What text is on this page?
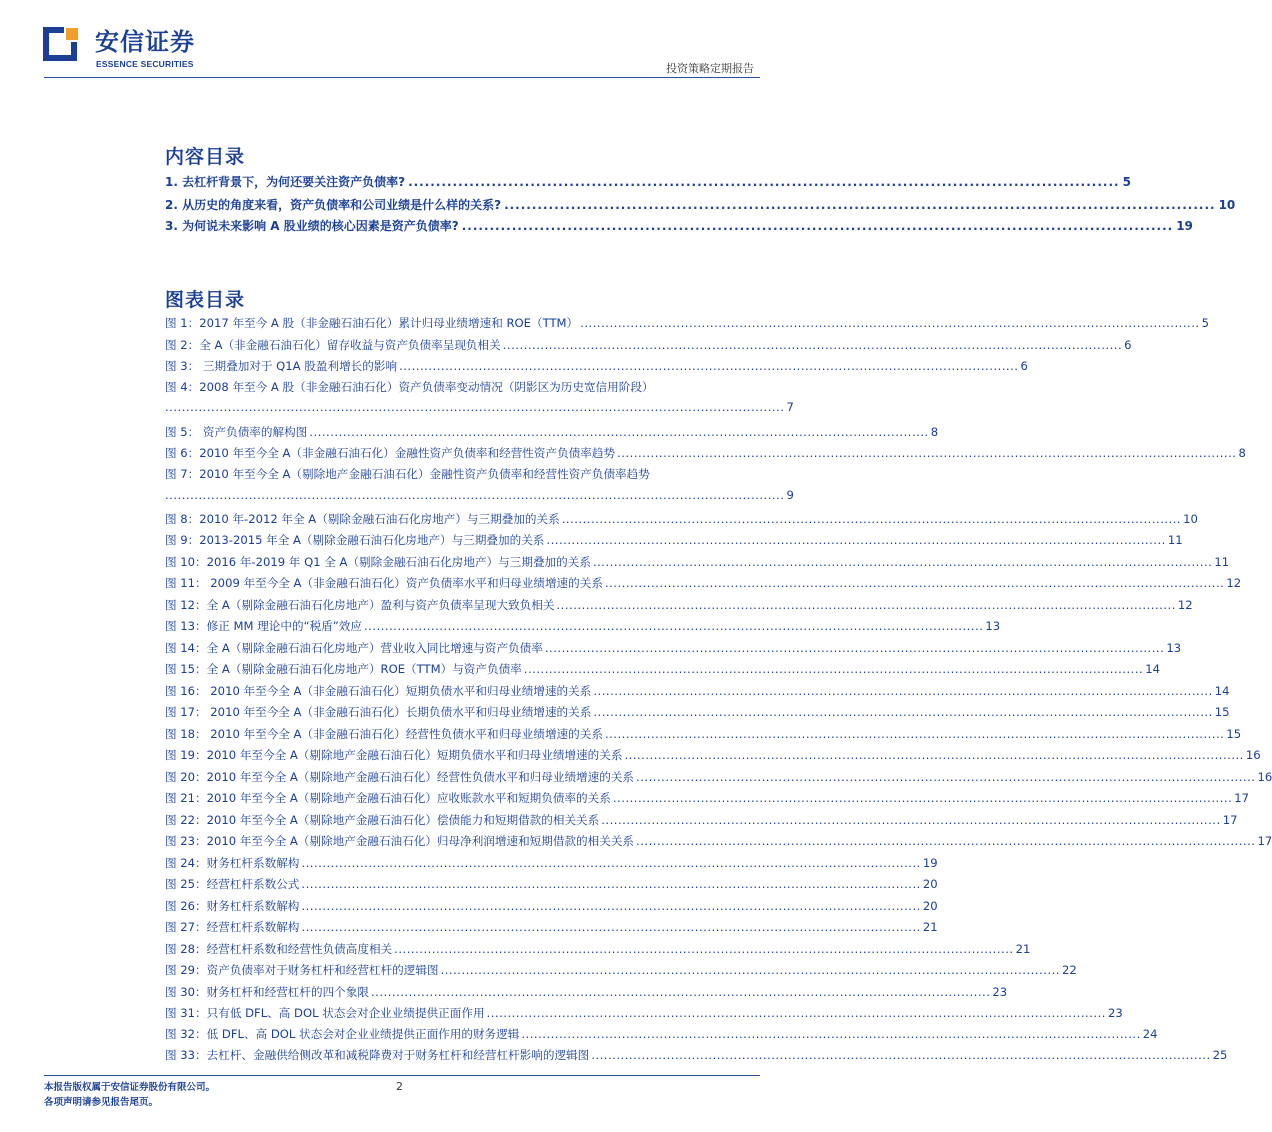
安信证券
ESSENCE SECURITIES	投资策略定期报告
内容目录
1. 去杠杆背景下，为何还要关注资产负债率? ................................................................................................................................ 5
2. 从历史的角度来看，资产负债率和公司业绩是什么样的关系? ................................................................................................................................ 10
3. 为何说未来影响 A 股业绩的核心因素是资产负债率? ................................................................................................................................ 19
图表目录
图 1：2017 年至今 A 股（非金融石油石化）累计归母业绩增速和 ROE（TTM） .................................................................................................................................................... 5
图 2：全 A（非金融石油石化）留存收益与资产负债率呈现负相关 .................................................................................................................................................... 6
图 3： 三期叠加对于 Q1A 股盈利增长的影响 .................................................................................................................................................... 6
图 4：2008 年至今 A 股（非金融石油石化）资产负债率变动情况（阴影区为历史宽信用阶段）
.................................................................................................................................................... 7
图 5： 资产负债率的解构图 .................................................................................................................................................... 8
图 6：2010 年至今全 A（非金融石油石化）金融性资产负债率和经营性资产负债率趋势 .................................................................................................................................................... 8
图 7：2010 年至今全 A（剔除地产金融石油石化）金融性资产负债率和经营性资产负债率趋势
.................................................................................................................................................... 9
图 8：2010 年-2012 年全 A（剔除金融石油石化房地产）与三期叠加的关系 .................................................................................................................................................... 10
图 9：2013-2015 年全 A（剔除金融石油石化房地产）与三期叠加的关系 .................................................................................................................................................... 11
图 10：2016 年-2019 年 Q1 全 A（剔除金融石油石化房地产）与三期叠加的关系 .................................................................................................................................................... 11
图 11： 2009 年至今全 A（非金融石油石化）资产负债率水平和归母业绩增速的关系 .................................................................................................................................................... 12
图 12：全 A（剔除金融石油石化房地产）盈利与资产负债率呈现大致负相关 .................................................................................................................................................... 12
图 13：修正 MM 理论中的“税盾”效应 .................................................................................................................................................... 13
图 14：全 A（剔除金融石油石化房地产）营业收入同比增速与资产负债率 .................................................................................................................................................... 13
图 15：全 A（剔除金融石油石化房地产）ROE（TTM）与资产负债率 .................................................................................................................................................... 14
图 16： 2010 年至今全 A（非金融石油石化）短期负债水平和归母业绩增速的关系 .................................................................................................................................................... 14
图 17： 2010 年至今全 A（非金融石油石化）长期负债水平和归母业绩增速的关系 .................................................................................................................................................... 15
图 18： 2010 年至今全 A（非金融石油石化）经营性负债水平和归母业绩增速的关系 .................................................................................................................................................... 15
图 19：2010 年至今全 A（剔除地产金融石油石化）短期负债水平和归母业绩增速的关系 .................................................................................................................................................... 16
图 20：2010 年至今全 A（剔除地产金融石油石化）经营性负债水平和归母业绩增速的关系 .................................................................................................................................................... 16
图 21：2010 年至今全 A（剔除地产金融石油石化）应收账款水平和短期负债率的关系 .................................................................................................................................................... 17
图 22：2010 年至今全 A（剔除地产金融石油石化）偿债能力和短期借款的相关关系 .................................................................................................................................................... 17
图 23：2010 年至今全 A（剔除地产金融石油石化）归母净利润增速和短期借款的相关关系 .................................................................................................................................................... 17
图 24：财务杠杆系数解构 .................................................................................................................................................... 19
图 25：经营杠杆系数公式 .................................................................................................................................................... 20
图 26：财务杠杆系数解构 .................................................................................................................................................... 20
图 27：经营杠杆系数解构 .................................................................................................................................................... 21
图 28：经营杠杆系数和经营性负债高度相关 .................................................................................................................................................... 21
图 29：资产负债率对于财务杠杆和经营杠杆的逻辑图 .................................................................................................................................................... 22
图 30：财务杠杆和经营杠杆的四个象限 .................................................................................................................................................... 23
图 31：只有低 DFL、高 DOL 状态会对企业业绩提供正面作用 .................................................................................................................................................... 23
图 32：低 DFL、高 DOL 状态会对企业业绩提供正面作用的财务逻辑 .................................................................................................................................................... 24
图 33：去杠杆、金融供给侧改革和减税降费对于财务杠杆和经营杠杆影响的逻辑图 .................................................................................................................................................... 25
本报告版权属于安信证券股份有限公司。
各项声明请参见报告尾页。
2
